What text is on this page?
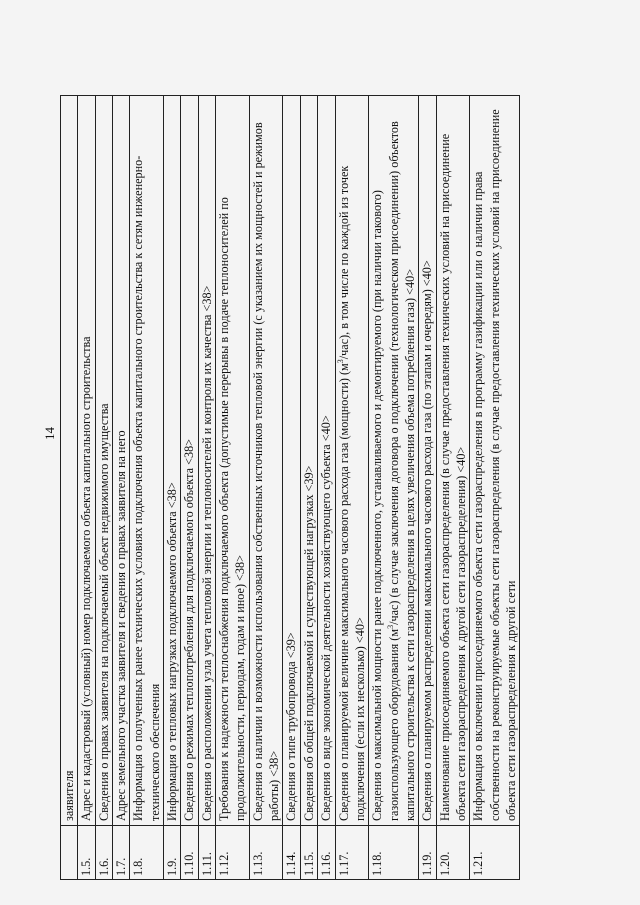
14
	заявителя
1.5.	Адрес и кадастровый (условный) номер подключаемого объекта капитального строительства
1.6.	Сведения о правах заявителя на подключаемый объект недвижимого имущества
1.7.	Адрес земельного участка заявителя и сведения о правах заявителя на него
1.8.	Информация о полученных ранее технических условиях подключения объекта капитального строительства к сетям инженерно-технического обеспечения
1.9.	Информация о тепловых нагрузках подключаемого объекта <38>
1.10.	Сведения о режимах теплопотребления для подключаемого объекта <38>
1.11.	Сведения о расположении узла учета тепловой энергии и теплоносителей и контроля их качества <38>
1.12.	Требования к надежности теплоснабжения подключаемого объекта (допустимые перерывы в подаче теплоносителей по продолжительности, периодам, годам и иное) <38>
1.13.	Сведения о наличии и возможности использования собственных источников тепловой энергии (с указанием их мощностей и режимов работы) <38>
1.14.	Сведения о типе трубопровода <39>
1.15.	Сведения об общей подключаемой и существующей нагрузках <39>
1.16.	Сведения о виде экономической деятельности хозяйствующего субъекта <40>
1.17.	Сведения о планируемой величине максимального часового расхода газа (мощности) $(м^3/час)$, в том числе по каждой из точек подключения (если их несколько) <40>
1.18.	Сведения о максимальной мощности ранее подключенного, устанавливаемого и демонтируемого (при наличии такового) газоиспользующего оборудования $(м^3/час)$ (в случае заключения договора о подключении (технологическом присоединении) объектов капитального строительства к сети газораспределения в целях увеличения объема потребления газа) <40>
1.19.	Сведения о планируемом распределении максимального часового расхода газа (по этапам и очередям) <40>
1.20.	Наименование присоединяемого объекта сети газораспределения (в случае предоставления технических условий на присоединение объекта сети газораспределения к другой сети газораспределения) <40>
1.21.	Информация о включении присоединяемого объекта сети газораспределения в программу газификации или о наличии права собственности на реконструируемые объекты сети газораспределения (в случае предоставления технических условий на присоединение объекта сети газораспределения к другой сети
